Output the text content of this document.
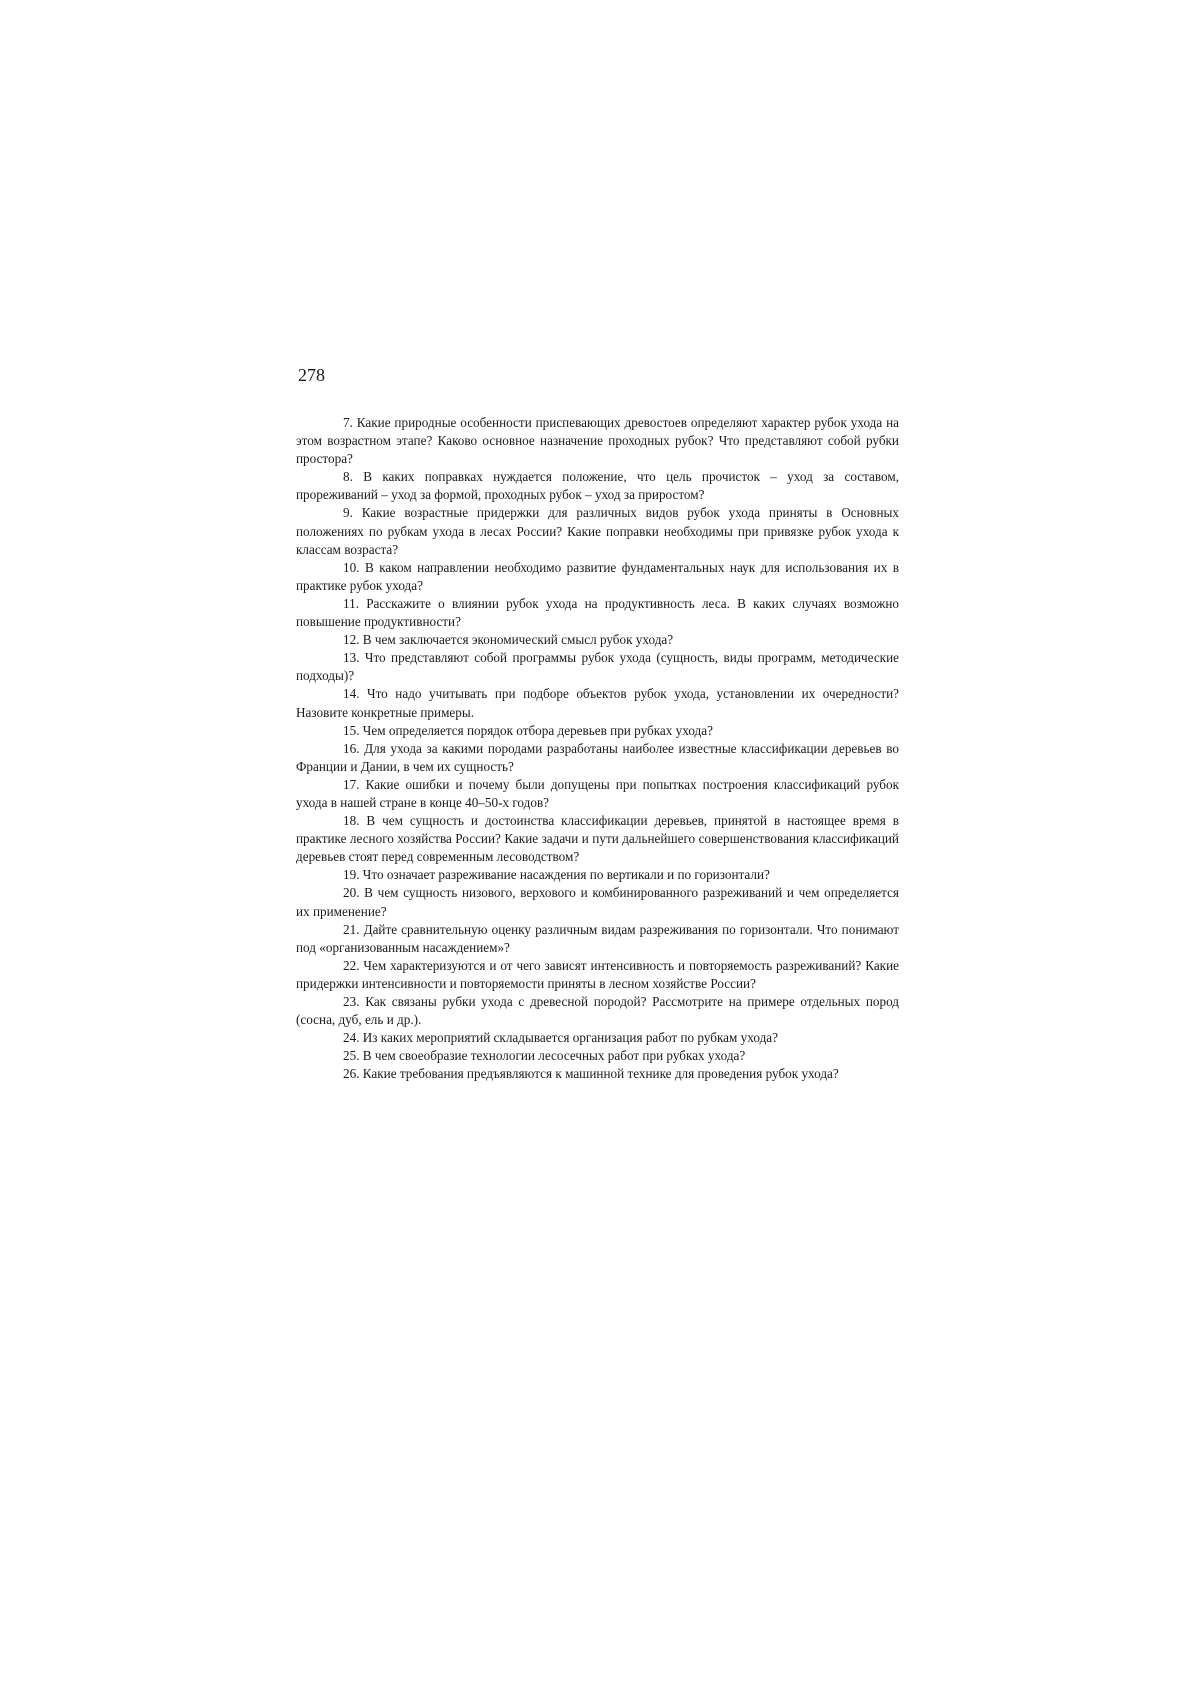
278

7. Какие природные особенности приспевающих древостоев определяют характер рубок ухода на этом возрастном этапе? Каково основное назначение проходных рубок? Что представляют собой рубки простора?

8. В каких поправках нуждается положение, что цель прочисток – уход за составом, прореживаний – уход за формой, проходных рубок – уход за приростом?

9. Какие возрастные придержки для различных видов рубок ухода приняты в Основных положениях по рубкам ухода в лесах России? Какие поправки необходимы при привязке рубок ухода к классам возраста?

10. В каком направлении необходимо развитие фундаментальных наук для использования их в практике рубок ухода?

11. Расскажите о влиянии рубок ухода на продуктивность леса. В каких случаях возможно повышение продуктивности?

12. В чем заключается экономический смысл рубок ухода?

13. Что представляют собой программы рубок ухода (сущность, виды программ, методические подходы)?

14. Что надо учитывать при подборе объектов рубок ухода, установлении их очередности? Назовите конкретные примеры.

15. Чем определяется порядок отбора деревьев при рубках ухода?

16. Для ухода за какими породами разработаны наиболее известные классификации деревьев во Франции и Дании, в чем их сущность?

17. Какие ошибки и почему были допущены при попытках построения классификаций рубок ухода в нашей стране в конце 40–50-х годов?

18. В чем сущность и достоинства классификации деревьев, принятой в настоящее время в практике лесного хозяйства России? Какие задачи и пути дальнейшего совершенствования классификаций деревьев стоят перед современным лесоводством?

19. Что означает разреживание насаждения по вертикали и по горизонтали?

20. В чем сущность низового, верхового и комбинированного разреживаний и чем определяется их применение?

21. Дайте сравнительную оценку различным видам разреживания по горизонтали. Что понимают под «организованным насаждением»?

22. Чем характеризуются и от чего зависят интенсивность и повторяемость разреживаний? Какие придержки интенсивности и повторяемости приняты в лесном хозяйстве России?

23. Как связаны рубки ухода с древесной породой? Рассмотрите на примере отдельных пород (сосна, дуб, ель и др.).

24. Из каких мероприятий складывается организация работ по рубкам ухода?

25. В чем своеобразие технологии лесосечных работ при рубках ухода?

26. Какие требования предъявляются к машинной технике для проведения рубок ухода?
